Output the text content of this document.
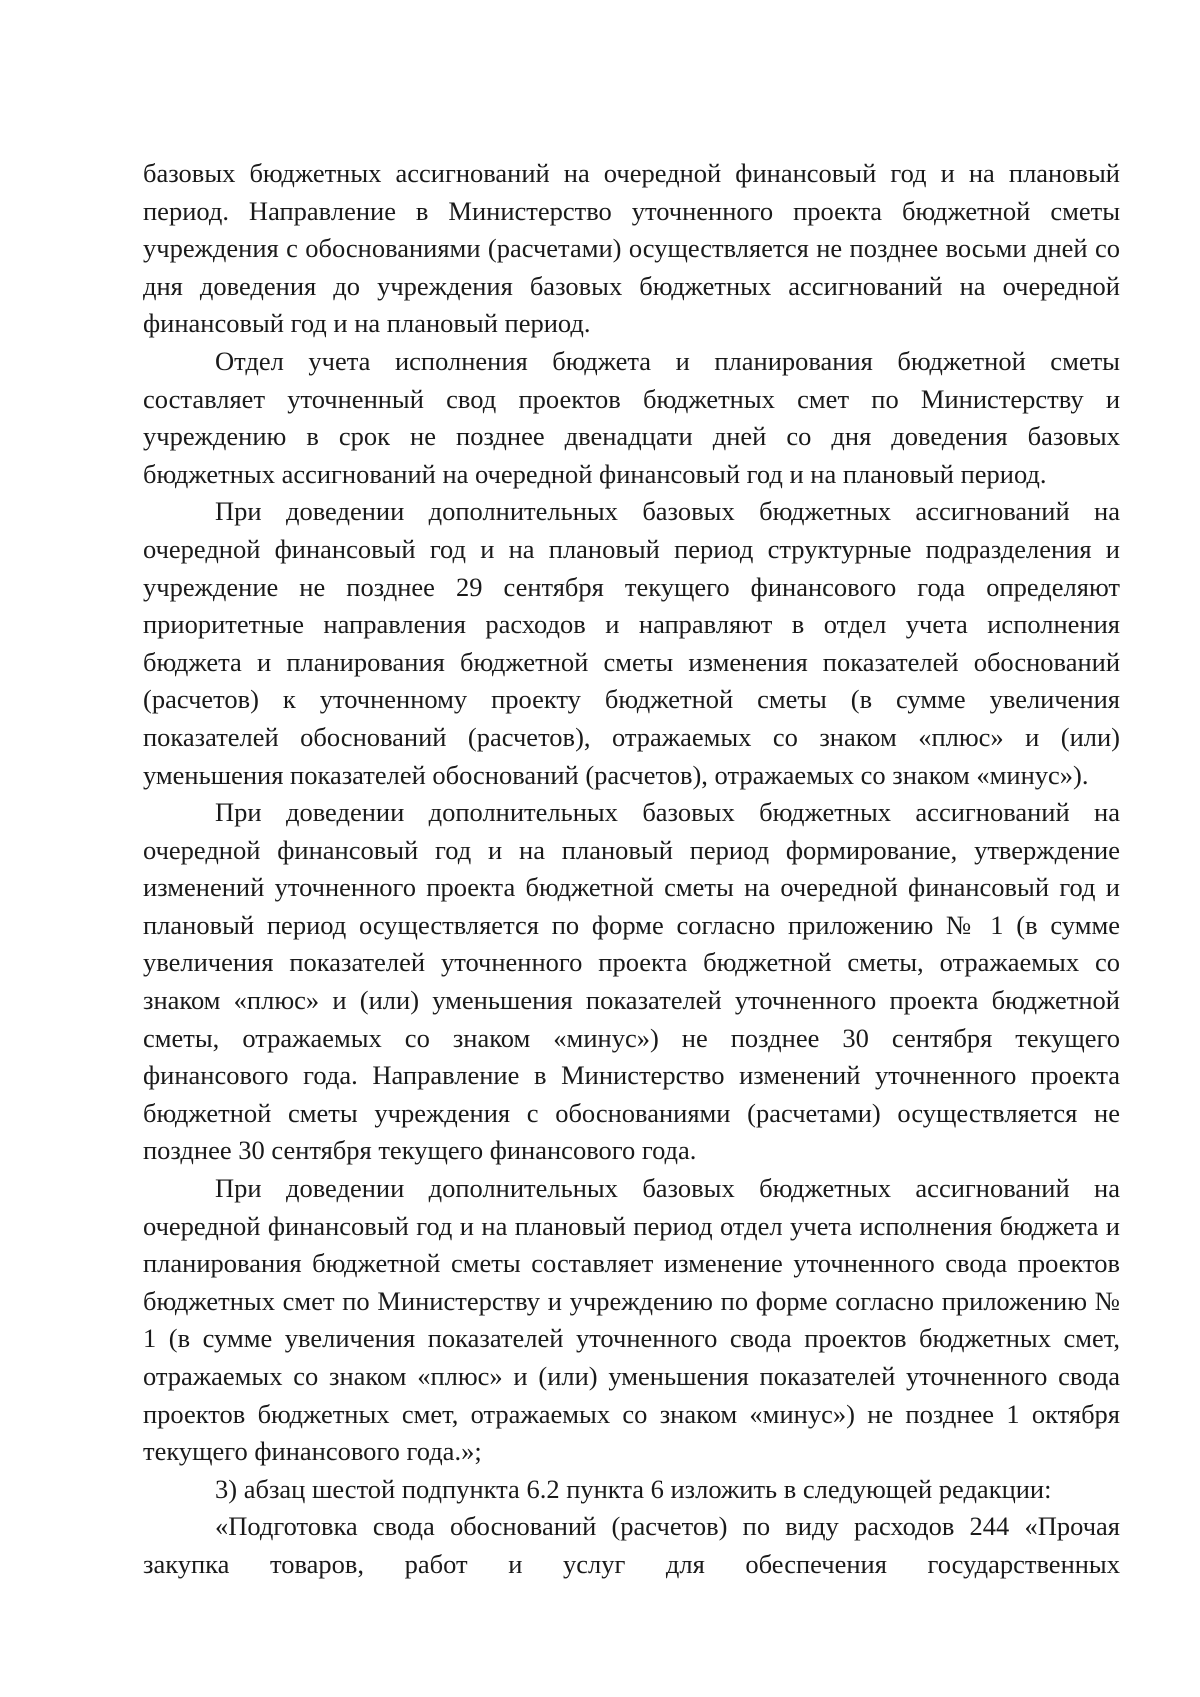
базовых бюджетных ассигнований на очередной финансовый год и на плановый период. Направление в Министерство уточненного проекта бюджетной сметы учреждения с обоснованиями (расчетами) осуществляется не позднее восьми дней со дня доведения до учреждения базовых бюджетных ассигнований на очередной финансовый год и на плановый период.

Отдел учета исполнения бюджета и планирования бюджетной сметы составляет уточненный свод проектов бюджетных смет по Министерству и учреждению в срок не позднее двенадцати дней со дня доведения базовых бюджетных ассигнований на очередной финансовый год и на плановый период.

При доведении дополнительных базовых бюджетных ассигнований на очередной финансовый год и на плановый период структурные подразделения и учреждение не позднее 29 сентября текущего финансового года определяют приоритетные направления расходов и направляют в отдел учета исполнения бюджета и планирования бюджетной сметы изменения показателей обоснований (расчетов) к уточненному проекту бюджетной сметы (в сумме увеличения показателей обоснований (расчетов), отражаемых со знаком «плюс» и (или) уменьшения показателей обоснований (расчетов), отражаемых со знаком «минус»).

При доведении дополнительных базовых бюджетных ассигнований на очередной финансовый год и на плановый период формирование, утверждение изменений уточненного проекта бюджетной сметы на очередной финансовый год и плановый период осуществляется по форме согласно приложению № 1 (в сумме увеличения показателей уточненного проекта бюджетной сметы, отражаемых со знаком «плюс» и (или) уменьшения показателей уточненного проекта бюджетной сметы, отражаемых со знаком «минус») не позднее 30 сентября текущего финансового года. Направление в Министерство изменений уточненного проекта бюджетной сметы учреждения с обоснованиями (расчетами) осуществляется не позднее 30 сентября текущего финансового года.

При доведении дополнительных базовых бюджетных ассигнований на очередной финансовый год и на плановый период отдел учета исполнения бюджета и планирования бюджетной сметы составляет изменение уточненного свода проектов бюджетных смет по Министерству и учреждению по форме согласно приложению № 1 (в сумме увеличения показателей уточненного свода проектов бюджетных смет, отражаемых со знаком «плюс» и (или) уменьшения показателей уточненного свода проектов бюджетных смет, отражаемых со знаком «минус») не позднее 1 октября текущего финансового года.»;

3) абзац шестой подпункта 6.2 пункта 6 изложить в следующей редакции:

«Подготовка свода обоснований (расчетов) по виду расходов 244 «Прочая закупка товаров, работ и услуг для обеспечения государственных
